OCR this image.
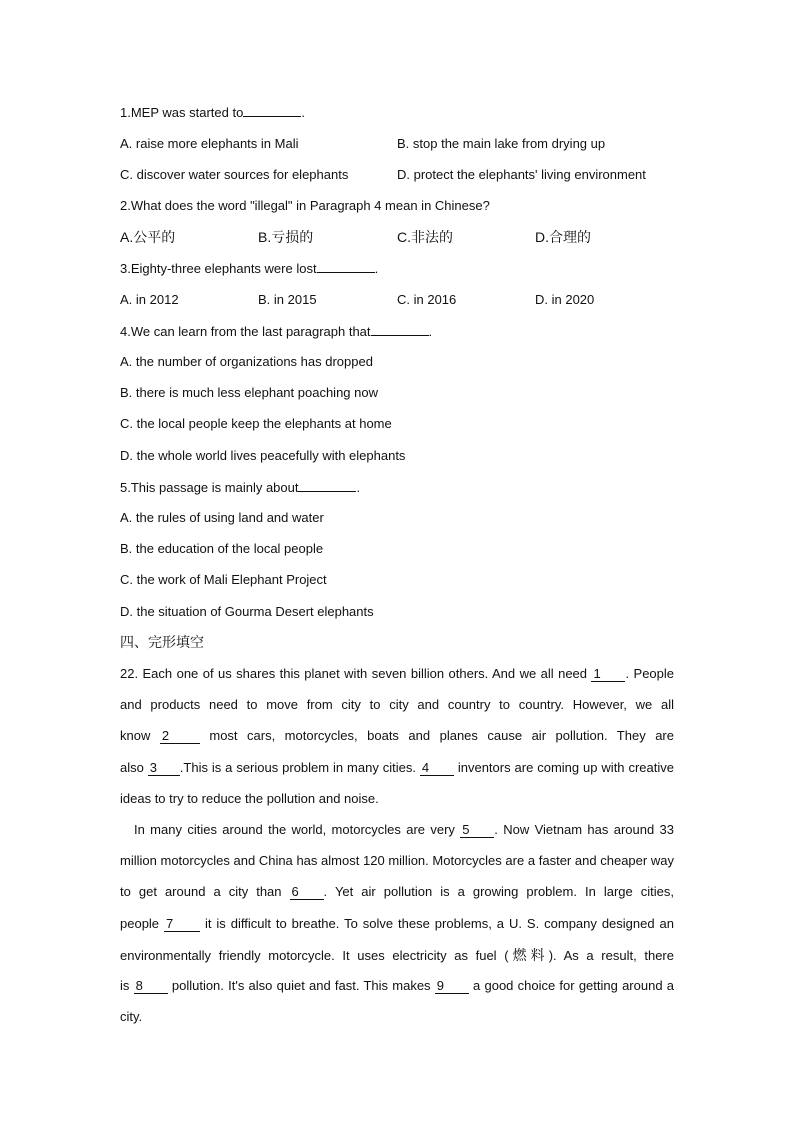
1.MEP was started to	.
A. raise more elephants in Mali	B. stop the main lake from drying up
C. discover water sources for elephants	D. protect the elephants' living environment
2.What does the word "illegal" in Paragraph 4 mean in Chinese?
A.公平的	B.亏损的	C.非法的	D.合理的
3.Eighty-three elephants were lost	.
A. in 2012	B. in 2015	C. in 2016	D. in 2020
4.We can learn from the last paragraph that	.
A. the number of organizations has dropped
B. there is much less elephant poaching now
C. the local people keep the elephants at home
D. the whole world lives peacefully with elephants
5.This passage is mainly about	.
A. the rules of using land and water
B. the education of the local people
C. the work of Mali Elephant Project
D. the situation of Gourma Desert elephants
四、完形填空
22. Each one of us shares this planet with seven billion others. And we all need 1 . People
and products need to move from city to city and country to country. However, we all
know 2	most cars, motorcycles, boats and planes cause air pollution. They are
also 3 .This is a serious problem in many cities. 4 inventors are coming up with creative
ideas to try to reduce the pollution and noise.
In many cities around the world, motorcycles are very 5 . Now Vietnam has around 33
million motorcycles and China has almost 120 million. Motorcycles are a faster and cheaper way
to get around a city than 6 . Yet air pollution is a growing problem. In large cities,
people 7 it is difficult to breathe. To solve these problems, a U. S. company designed an
environmentally friendly motorcycle. It uses electricity as fuel (燃料). As a result, there
is 8 pollution. It's also quiet and fast. This makes 9 a good choice for getting around a
city.
